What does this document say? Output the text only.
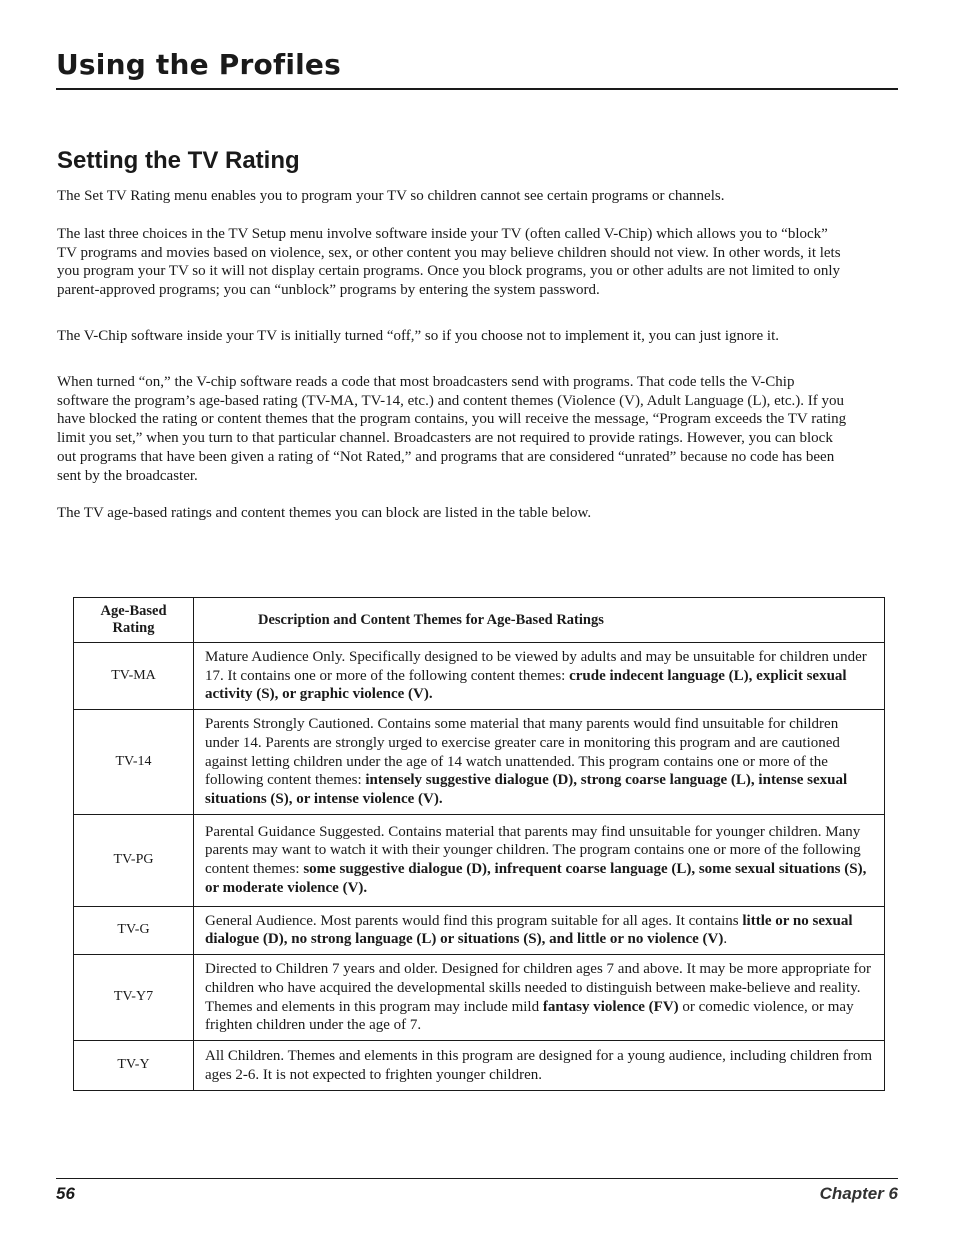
Using the Profiles
Setting the TV Rating

The Set TV Rating menu enables you to program your TV so children cannot see certain programs or channels.

The last three choices in the TV Setup menu involve software inside your TV (often called V-Chip) which allows you to “block” TV programs and movies based on violence, sex, or other content you may believe children should not view. In other words, it lets you program your TV so it will not display certain programs. Once you block programs, you or other adults are not limited to only parent-approved programs; you can “unblock” programs by entering the system password.

The V-Chip software inside your TV is initially turned “off,” so if you choose not to implement it, you can just ignore it.

When turned “on,” the V-chip software reads a code that most broadcasters send with programs. That code tells the V-Chip software the program’s age-based rating (TV-MA, TV-14, etc.) and content themes (Violence (V), Adult Language (L), etc.). If you have blocked the rating or content themes that the program contains, you will receive the message, “Program exceeds the TV rating limit you set,” when you turn to that particular channel. Broadcasters are not required to provide ratings. However, you can block out programs that have been given a rating of “Not Rated,” and programs that are considered “unrated” because no code has been sent by the broadcaster.

The TV age-based ratings and content themes you can block are listed in the table below.

Age-Based Rating	Description and Content Themes for Age-Based Ratings
TV-MA	Mature Audience Only. Specifically designed to be viewed by adults and may be unsuitable for children under 17. It contains one or more of the following content themes: crude indecent language (L), explicit sexual activity (S), or graphic violence (V).
TV-14	Parents Strongly Cautioned. Contains some material that many parents would find unsuitable for children under 14. Parents are strongly urged to exercise greater care in monitoring this program and are cautioned against letting children under the age of 14 watch unattended. This program contains one or more of the following content themes: intensely suggestive dialogue (D), strong coarse language (L), intense sexual situations (S), or intense violence (V).
TV-PG	Parental Guidance Suggested. Contains material that parents may find unsuitable for younger children. Many parents may want to watch it with their younger children. The program contains one or more of the following content themes: some suggestive dialogue (D), infrequent coarse language (L), some sexual situations (S), or moderate violence (V).
TV-G	General Audience. Most parents would find this program suitable for all ages. It contains little or no sexual dialogue (D), no strong language (L) or situations (S), and little or no violence (V).
TV-Y7	Directed to Children 7 years and older. Designed for children ages 7 and above. It may be more appropriate for children who have acquired the developmental skills needed to distinguish between make-believe and reality. Themes and elements in this program may include mild fantasy violence (FV) or comedic violence, or may frighten children under the age of 7.
TV-Y	All Children. Themes and elements in this program are designed for a young audience, including children from ages 2-6. It is not expected to frighten younger children.
56	Chapter 6
